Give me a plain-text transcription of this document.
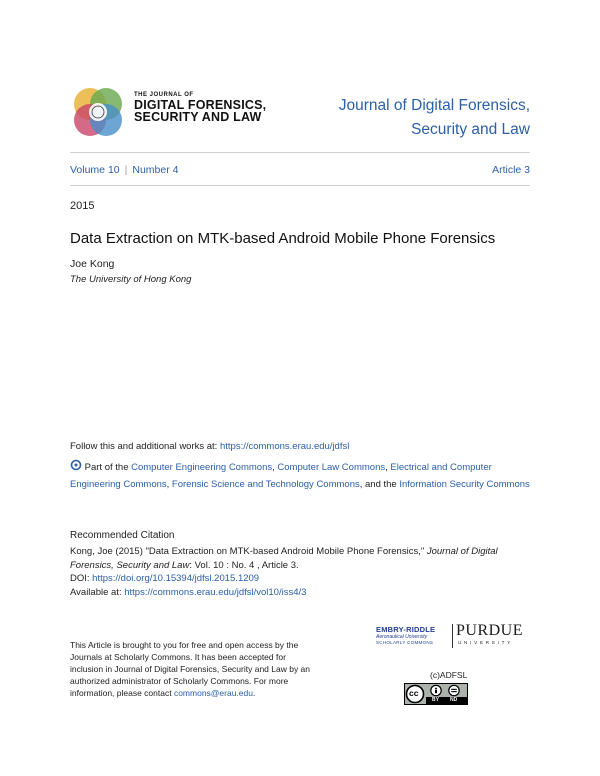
THE JOURNAL OF
DIGITAL FORENSICS,
SECURITY AND LAW
Journal of Digital Forensics,
Security and Law
Volume 10 | Number 4	Article 3
2015
Data Extraction on MTK-based Android Mobile Phone Forensics
Joe Kong
The University of Hong Kong
Follow this and additional works at: https://commons.erau.edu/jdfsl
Part of the Computer Engineering Commons, Computer Law Commons, Electrical and Computer Engineering Commons, Forensic Science and Technology Commons, and the Information Security Commons
Recommended Citation
Kong, Joe (2015) "Data Extraction on MTK-based Android Mobile Phone Forensics," Journal of Digital Forensics, Security and Law: Vol. 10 : No. 4 , Article 3.
DOI: https://doi.org/10.15394/jdfsl.2015.1209
Available at: https://commons.erau.edu/jdfsl/vol10/iss4/3
This Article is brought to you for free and open access by the Journals at Scholarly Commons. It has been accepted for inclusion in Journal of Digital Forensics, Security and Law by an authorized administrator of Scholarly Commons. For more information, please contact commons@erau.edu.
EMBRY-RIDDLE
Aeronautical University
SCHOLARLY COMMONS
PURDUE
UNIVERSITY
(c)ADFSL
cc
BY ND
